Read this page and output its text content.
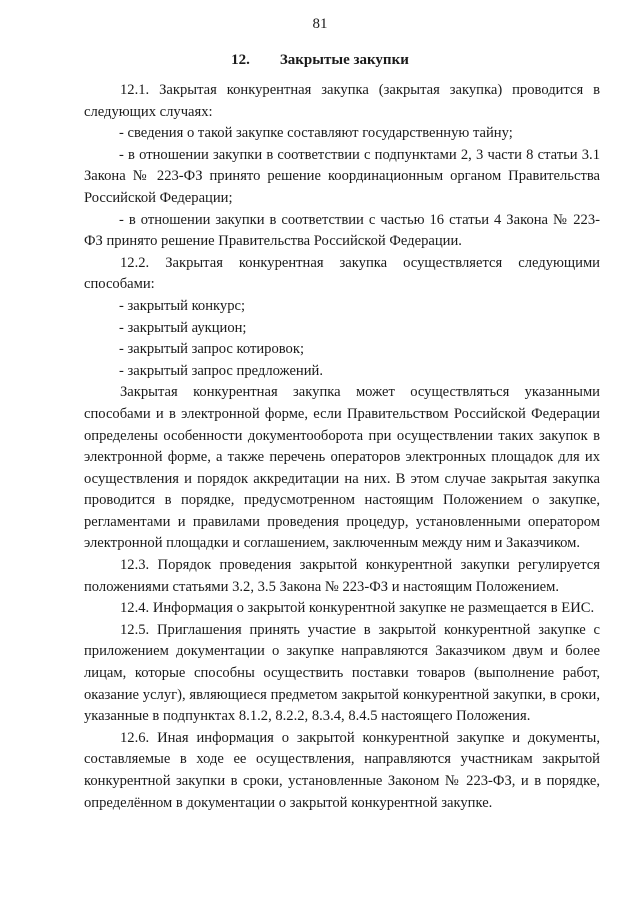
81
12. Закрытые закупки

12.1. Закрытая конкурентная закупка (закрытая закупка) проводится в следующих случаях:

- сведения о такой закупке составляют государственную тайну;

- в отношении закупки в соответствии с подпунктами 2, 3 части 8 статьи 3.1 Закона № 223-ФЗ принято решение координационным органом Правительства Российской Федерации;

- в отношении закупки в соответствии с частью 16 статьи 4 Закона № 223-ФЗ принято решение Правительства Российской Федерации.

12.2. Закрытая конкурентная закупка осуществляется следующими способами:

- закрытый конкурс;

- закрытый аукцион;

- закрытый запрос котировок;

- закрытый запрос предложений.

Закрытая конкурентная закупка может осуществляться указанными способами и в электронной форме, если Правительством Российской Федерации определены особенности документооборота при осуществлении таких закупок в электронной форме, а также перечень операторов электронных площадок для их осуществления и порядок аккредитации на них. В этом случае закрытая закупка проводится в порядке, предусмотренном настоящим Положением о закупке, регламентами и правилами проведения процедур, установленными оператором электронной площадки и соглашением, заключенным между ним и Заказчиком.

12.3. Порядок проведения закрытой конкурентной закупки регулируется положениями статьями 3.2, 3.5 Закона № 223-ФЗ и настоящим Положением.

12.4. Информация о закрытой конкурентной закупке не размещается в ЕИС.

12.5. Приглашения принять участие в закрытой конкурентной закупке с приложением документации о закупке направляются Заказчиком двум и более лицам, которые способны осуществить поставки товаров (выполнение работ, оказание услуг), являющиеся предметом закрытой конкурентной закупки, в сроки, указанные в подпунктах 8.1.2, 8.2.2, 8.3.4, 8.4.5 настоящего Положения.

12.6. Иная информация о закрытой конкурентной закупке и документы, составляемые в ходе ее осуществления, направляются участникам закрытой конкурентной закупки в сроки, установленные Законом № 223-ФЗ, и в порядке, определённом в документации о закрытой конкурентной закупке.
